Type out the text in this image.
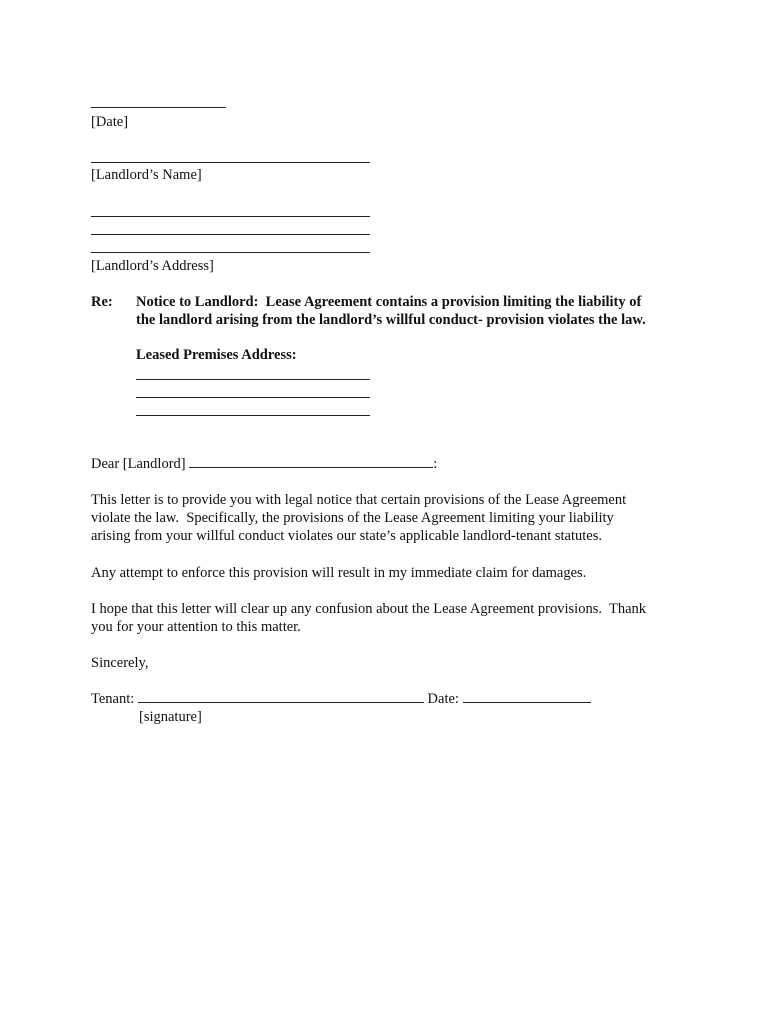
[Date]
[Landlord’s Name]
[Landlord’s Address]
Re: Notice to Landlord:  Lease Agreement contains a provision limiting the liability of
the landlord arising from the landlord’s willful conduct- provision violates the law.
Leased Premises Address:
Dear [Landlord]	:
This letter is to provide you with legal notice that certain provisions of the Lease Agreement
violate the law.  Specifically, the provisions of the Lease Agreement limiting your liability
arising from your willful conduct violates our state’s applicable landlord-tenant statutes.
Any attempt to enforce this provision will result in my immediate claim for damages.
I hope that this letter will clear up any confusion about the Lease Agreement provisions.  Thank
you for your attention to this matter.
Sincerely,
Tenant:	Date:
[signature]
